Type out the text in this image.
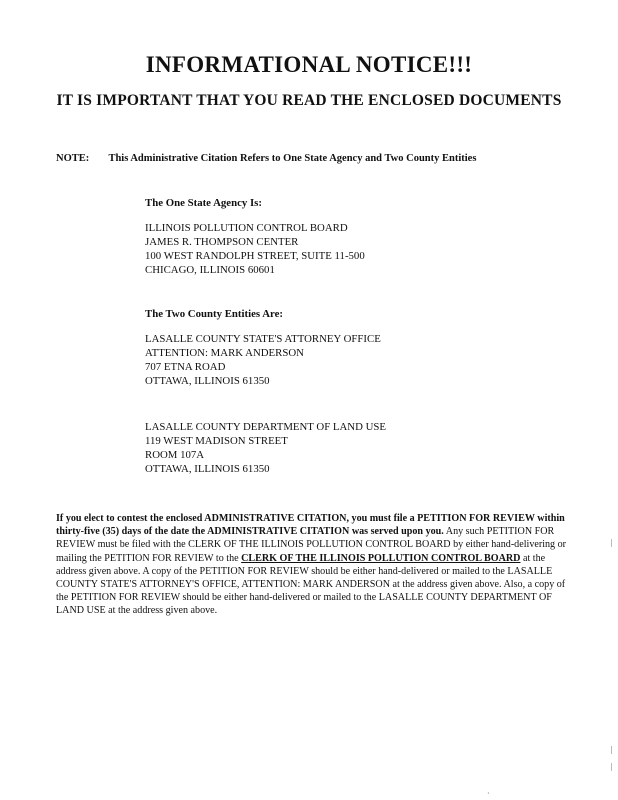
INFORMATIONAL NOTICE!!!
IT IS IMPORTANT THAT YOU READ THE ENCLOSED DOCUMENTS
NOTE: This Administrative Citation Refers to One State Agency and Two County Entities
The One State Agency Is:
ILLINOIS POLLUTION CONTROL BOARD
JAMES R. THOMPSON CENTER
100 WEST RANDOLPH STREET, SUITE 11-500
CHICAGO, ILLINOIS 60601
The Two County Entities Are:
LASALLE COUNTY STATE'S ATTORNEY OFFICE
ATTENTION: MARK ANDERSON
707 ETNA ROAD
OTTAWA, ILLINOIS 61350
LASALLE COUNTY DEPARTMENT OF LAND USE
119 WEST MADISON STREET
ROOM 107A
OTTAWA, ILLINOIS 61350

If you elect to contest the enclosed ADMINISTRATIVE CITATION, you must file a PETITION FOR REVIEW within thirty-five (35) days of the date the ADMINISTRATIVE CITATION was served upon you. Any such PETITION FOR REVIEW must be filed with the CLERK OF THE ILLINOIS POLLUTION CONTROL BOARD by either hand-delivering or mailing the PETITION FOR REVIEW to the CLERK OF THE ILLINOIS POLLUTION CONTROL BOARD at the address given above. A copy of the PETITION FOR REVIEW should be either hand-delivered or mailed to the LASALLE COUNTY STATE'S ATTORNEY'S OFFICE, ATTENTION: MARK ANDERSON at the address given above. Also, a copy of the PETITION FOR REVIEW should be either hand-delivered or mailed to the LASALLE COUNTY DEPARTMENT OF LAND USE at the address given above.

|
|
|
·
